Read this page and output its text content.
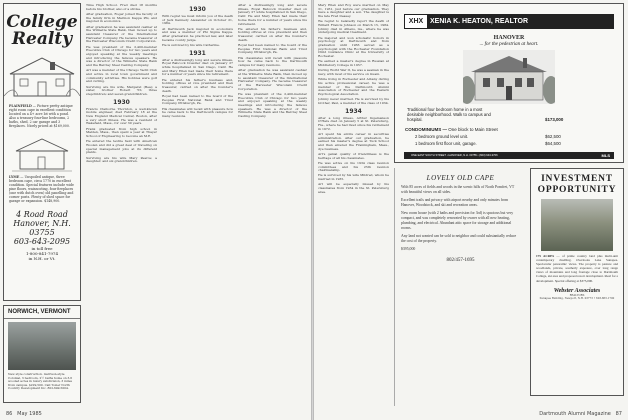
College
Realty
PLAINFIELD — Picture pretty antique right room cape in excellent condition located on a 4+ acre lot with a pond. Also a treasury four-line bedrooms, 2 baths, shed, 2 car garage and 3 fireplaces. Nicely priced at $169,000.
LYME — Unspoiled antique, three bedroom cape, circa 1770 in excellent condition. Special features include wide pine floors, wainscoting, four fireplaces (one with dutch oven) old panelling and corner posts. Plenty of shed space for garage or expansion. $148,900.
4 Road Road
Hanover, N.H. 03755
603-643-2095
in toll free
1-800-841-7974
in N.H. or Vt.
NORWICH, VERMONT
New style construction. Garrison-style Colonial, 3 bedroom, 2½ baths home on 3.6 wooded acres in luxury subdivision, 3 miles from campus. $229,500. Call Tozier North Country Development Inc. 802-649-5004.

Time High School. Fred died 18 months before his brother, also of a stroke.

After graduation, Roger joined the faculty of the family firm in Marmon Kappa Phi, and majored in economics.

After graduation he was assistant cashier at the Wilmette State Bank, then moved up to assistant treasurer of the International Harvester Company. He became treasurer of the Harvester Wisconsin Credit Corporation.

He was president of the 2,400-member Executive Club of Chicago for two years and enjoyed speaking at the weekly meetings and introducing the famous speakers. He was a director of the Wilmette State Bank and the Barclay Steel Casting Company.

Art was a member of the Chicago Yacht Club and active in local town government and community activities. His hobbies were golf and curling.

Surviving are his wife, Margaret (Bea); a sister, brother Robert '55; three stepchildren; and seven grandchildren.

1930

Francis Claiborne Thornton, a well-known mobile engineer, died February 18 at the New England Medical Center, Boston, after a very short illness. He was a resident of Wakefield, Mass., for over 30 years.

Frank graduated from high school in Malden, Mass., then spent a year at Thayer School of Engineering to become an M.E.

He entered the textile field with American Woolen and did a great deal of traveling on special management jobs at its different plants.

Surviving are his wife Mary Pearce; a daughter; and six grandchildren.

1930

With regret we must inform you of the death of Jack Kennedy Alexander on October 21, 1984.

At Dartmouth Jack majored in economics and was a member of Phi Sigma Kappa. After graduation he practiced law, and later became county judge.

He is survived by his wife Catherine.

1931

After a distressingly long and severe illness, Royal Babcock Dossiter died on January 27 while hospitalized in San Diego, Calif. He and Mary Ellen had made their home there for a number of years since his retirement.

He entered his father's business and, holding offices at vice president and then treasurer, carried on after the founder's death.

Royal had been named to the board of the Peoples First National Bank and Trust Company, Pittsburgh, Pa.

His classmates will recall with pleasure how he came back to the Dartmouth campus for many reunions.

After a distressingly long and severe illness, Royal Babcock Dossiter died on January 27 while hospitalized in San Diego, Calif. He and Mary Ellen had made their home there for a number of years since his retirement.

He entered his father's business and, holding offices at vice president and then treasurer, carried on after the founder's death.

Royal had been named to the board of the Peoples First National Bank and Trust Company, Pittsburgh, Pa.

His classmates will recall with pleasure how he came back to the Dartmouth campus for many reunions.

After graduation he was assistant cashier at the Wilmette State Bank, then moved up to assistant treasurer of the International Harvester Company. He became treasurer of the Harvester Wisconsin Credit Corporation.

He was president of the 2,400-member Executive Club of Chicago for two years and enjoyed speaking at the weekly meetings and introducing the famous speakers. He was a director of the Wilmette State Bank and the Barclay Steel Casting Company.

86 May 1985

Mary Ellen and Roy were married on May 31, 1931, just before our graduation. They have a daughter and a son. The daughter is the late Fred Deasey.

We regret to belatedly report the death of Willard Francis Johnson on March 15, 1984. Johnny died in Athens, Ga., where he was undergoing medical treatment.

He majored and won scholastic honors in psychology at Dartmouth and from graduation until 1936 served as a psychologist with the Rochester Foundation Child Guidance Clinic at the University of Rochester.

He earned a master's degree in Russian at Middlebury College in 1957.

During World War II, he was a seaman in the navy, with most of his service on Guam.

While living in Rochester and Albany during his active professional career, he was a member of the Dartmouth Alumni Association of Rochester and the Eastern Psychological Association.

Johnny never married. He is survived by his brother, Paul, a member of the class of 1934.

1934

After a long illness, Arthur Ingemanson O'Hare died on January 5 at St. Petersburg, Fla., where he had lived since his retirement in 1972.

Art spent his entire career in securities administration. After our graduation, he earned his master's degree at Tuck School and then entered the Framingham, Mass., dye business.

Art's genial quality of friendliness is the heritage of all his classmates.

He was active on his 1934 class reunion committees and his 25th reunion chairmanship.

He is survived by his wife Mildred, whom he married in 1935.

Art will be especially missed by his classmates from 1934 in the St. Petersburg area.

XHX XENIA K. HEATON, REALTOR
HANOVER
... for the pedestrian at heart.
Traditional four bedroom home in a most
desirable neighborhood. Walk to campus and
hospital.	$173,000
CONDOMINIUMS — One block to Main Street
2 bedroom ground level unit.	$62,500
1 bedroom first floor unit, garage.	$64,500
ONE EAST SOUTH STREET • HANOVER, N.H. 03755 • (603) 643-3706	MLS
LOVELY OLD CAPE

With 85 acres of fields and woods in the scenic hills of North Pomfret, VT with beautiful views on all sides.

Excellent trails and privacy with airport nearby and only minutes from Hanover, Woodstock, and ski and recreation areas.

New room house (with 2 baths and provision for 3rd) is spacious but very compact, and was completely renovated by owner with all new heating, plumbing, and electrical. Abundant attic space for storage and additional rooms.

Any land not wanted can be sold to neighbor and could substantially reduce the cost of the property.

$395,000

802/457-1695
INVESTMENT
OPPORTUNITY
175 ACRES — of prime country land plus multi-unit contemporary dwelling. Overlooks Lake Sunapee. Spectacular panoramic views. The property is pasture and woodlands, private, southerly exposure, over long range views of mountains and long frontage close to Dartmouth College, ski area and proposed resort development. Ideal for a development. Special offering at $375,000.
Webster Associates
REALTORS
Sunapee Building, Newport, N.H. 03773 • 603-863-1700
Dartmouth Alumni Magazine 87
